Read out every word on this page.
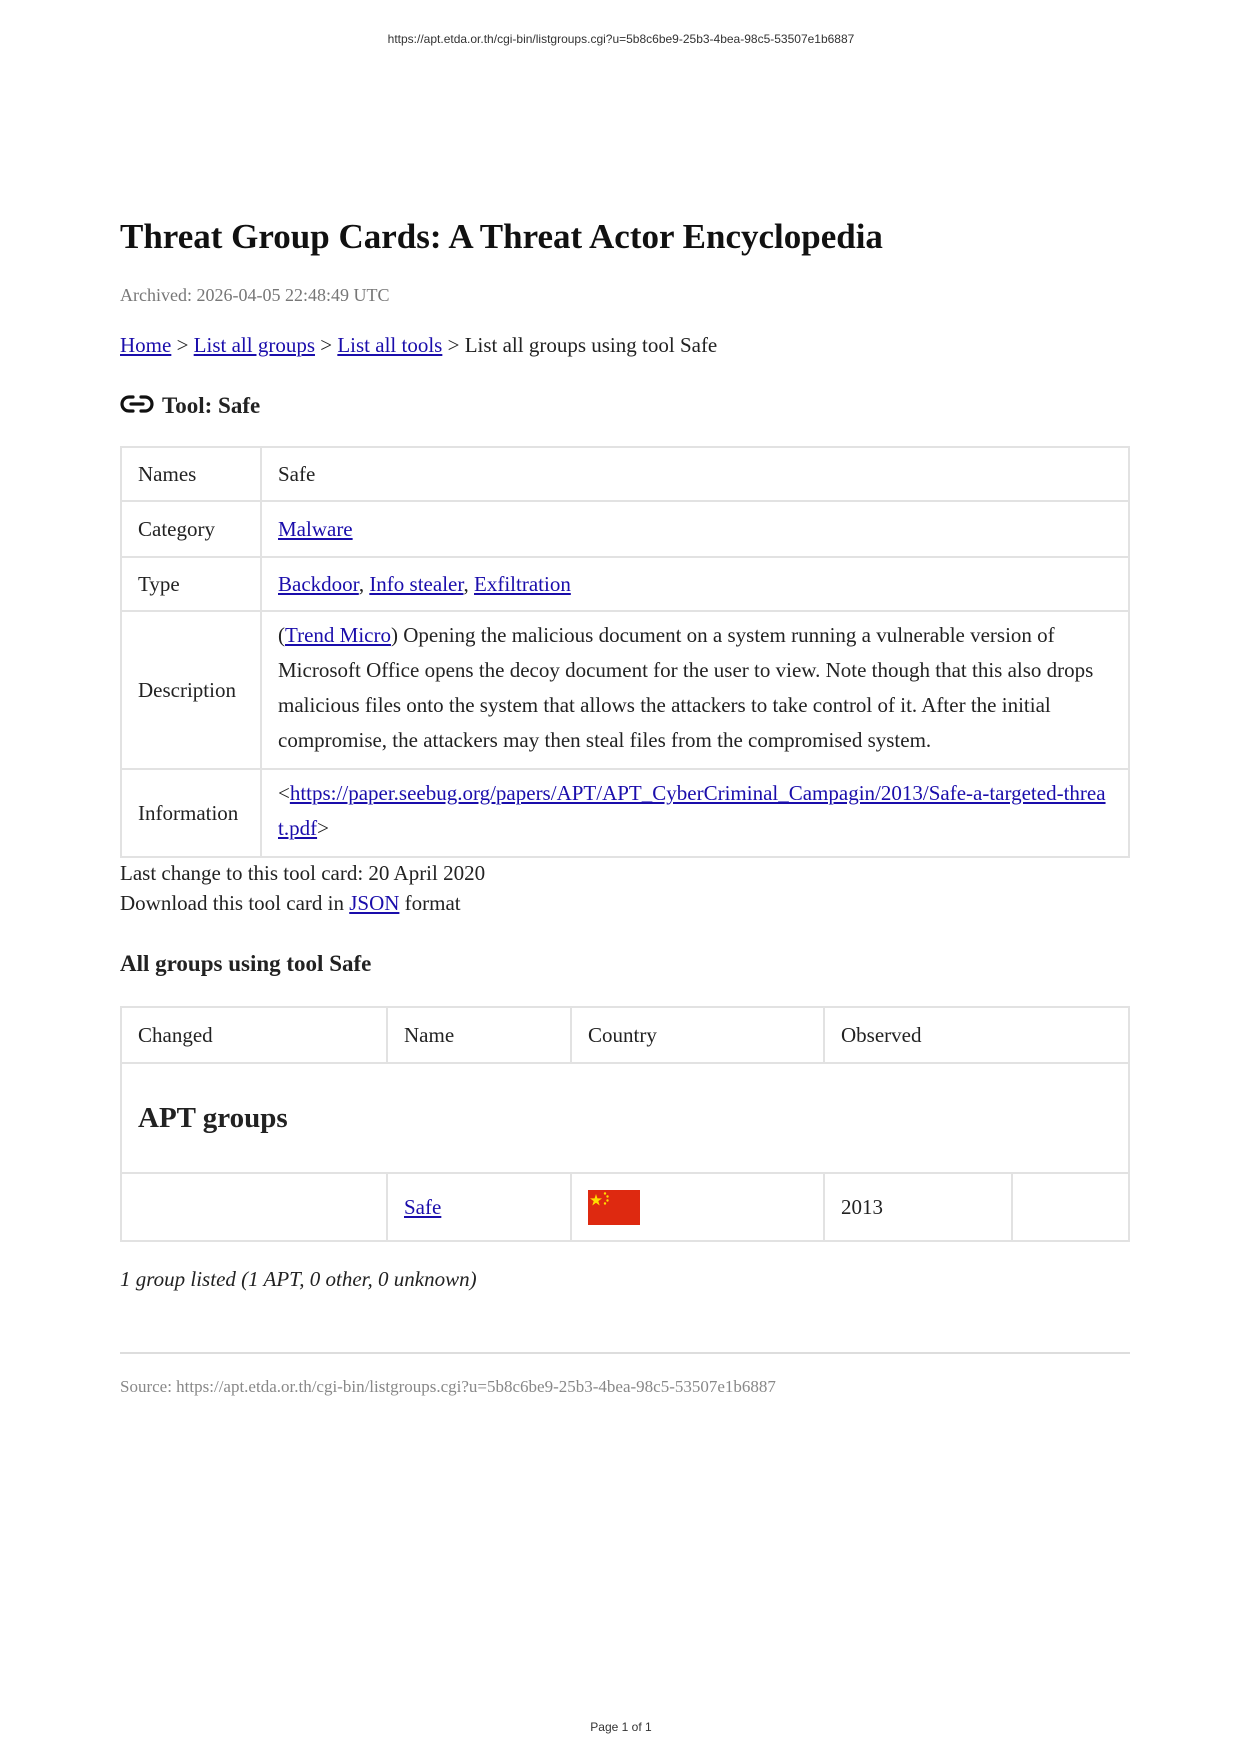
https://apt.etda.or.th/cgi-bin/listgroups.cgi?u=5b8c6be9-25b3-4bea-98c5-53507e1b6887
Threat Group Cards: A Threat Actor Encyclopedia
Archived: 2026-04-05 22:48:49 UTC
Home > List all groups > List all tools > List all groups using tool Safe
Tool: Safe
Names	Safe
Category	Malware
Type	Backdoor, Info stealer, Exfiltration
Description	(Trend Micro) Opening the malicious document on a system running a vulnerable version of Microsoft Office opens the decoy document for the user to view. Note though that this also drops malicious files onto the system that allows the attackers to take control of it. After the initial compromise, the attackers may then steal files from the compromised system.
Information	<https://paper.seebug.org/papers/APT/APT_CyberCriminal_Campagin/2013/Safe-a-targeted-threat.pdf>

Last change to this tool card: 20 April 2020

Download this tool card in JSON format

All groups using tool Safe
Changed	Name	Country	Observed	
APT groups				
	Safe		2013	
1 group listed (1 APT, 0 other, 0 unknown)
Source: https://apt.etda.or.th/cgi-bin/listgroups.cgi?u=5b8c6be9-25b3-4bea-98c5-53507e1b6887
Page 1 of 1
